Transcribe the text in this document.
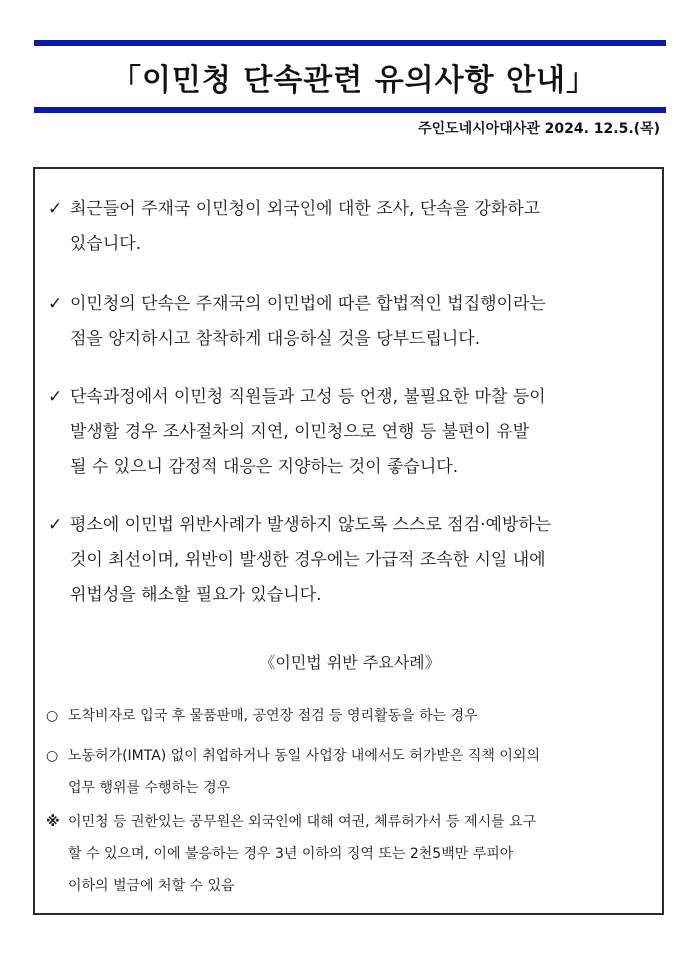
「이민청 단속관련 유의사항 안내」
주인도네시아대사관 2024. 12.5.(목)
✓ 최근들어 주재국 이민청이 외국인에 대한 조사, 단속을 강화하고
있습니다.
✓ 이민청의 단속은 주재국의 이민법에 따른 합법적인 법집행이라는
점을 양지하시고 참착하게 대응하실 것을 당부드립니다.
✓ 단속과정에서 이민청 직원들과 고성 등 언쟁, 불필요한 마찰 등이
발생할 경우 조사절차의 지연, 이민청으로 연행 등 불편이 유발
될 수 있으니 감정적 대응은 지양하는 것이 좋습니다.
✓ 평소에 이민법 위반사례가 발생하지 않도록 스스로 점검·예방하는
것이 최선이며, 위반이 발생한 경우에는 가급적 조속한 시일 내에
위법성을 해소할 필요가 있습니다.
《이민법 위반 주요사례》
○ 도착비자로 입국 후 물품판매, 공연장 점검 등 영리활동을 하는 경우
○ 노동허가(IMTA) 없이 취업하거나 동일 사업장 내에서도 허가받은 직책 이외의
업무 행위를 수행하는 경우
※ 이민청 등 권한있는 공무원은 외국인에 대해 여권, 체류허가서 등 제시를 요구
할 수 있으며, 이에 불응하는 경우 3년 이하의 징역 또는 2천5백만 루피아
이하의 벌금에 처할 수 있음
